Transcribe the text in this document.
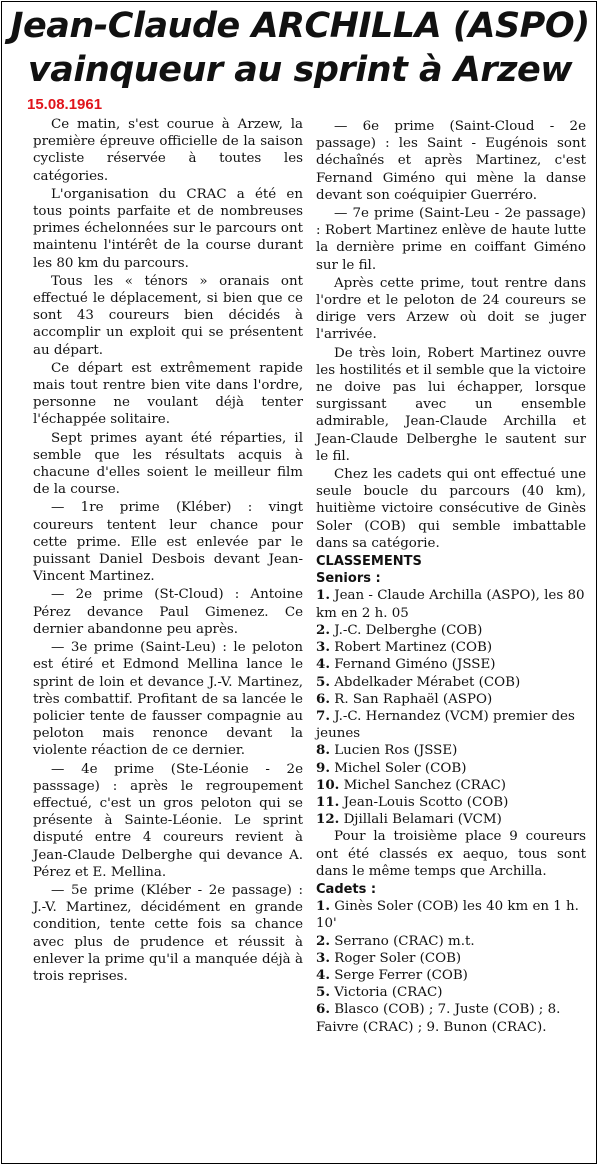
Jean-Claude ARCHILLA (ASPO)
vainqueur au sprint à Arzew
15.08.1961

Ce matin, s'est courue à Arzew, la première épreuve officielle de la saison cycliste réservée à toutes les catégories.

L'organisation du CRAC a été en tous points parfaite et de nombreuses primes échelonnées sur le parcours ont maintenu l'intérêt de la course durant les 80 km du parcours.

Tous les « ténors » oranais ont effectué le déplacement, si bien que ce sont 43 coureurs bien décidés à accomplir un exploit qui se présentent au départ.

Ce départ est extrêmement rapide mais tout rentre bien vite dans l'ordre, personne ne voulant déjà tenter l'échappée solitaire.

Sept primes ayant été réparties, il semble que les résultats acquis à chacune d'elles soient le meilleur film de la course.

— 1re prime (Kléber) : vingt coureurs tentent leur chance pour cette prime. Elle est enlevée par le puissant Daniel Desbois devant Jean-Vincent Martinez.

— 2e prime (St-Cloud) : Antoine Pérez devance Paul Gimenez. Ce dernier abandonne peu après.

— 3e prime (Saint-Leu) : le peloton est étiré et Edmond Mellina lance le sprint de loin et devance J.-V. Martinez, très combattif. Profitant de sa lancée le policier tente de fausser compagnie au peloton mais renonce devant la violente réaction de ce dernier.

— 4e prime (Ste-Léonie - 2e passsage) : après le regroupement effectué, c'est un gros peloton qui se présente à Sainte-Léonie. Le sprint disputé entre 4 coureurs revient à Jean-Claude Delberghe qui devance A. Pérez et E. Mellina.

— 5e prime (Kléber - 2e passage) : J.-V. Martinez, décidément en grande condition, tente cette fois sa chance avec plus de prudence et réussit à enlever la prime qu'il a manquée déjà à trois reprises.

— 6e prime (Saint-Cloud - 2e passage) : les Saint - Eugénois sont déchaînés et après Martinez, c'est Fernand Giméno qui mène la danse devant son coéquipier Guerréro.

— 7e prime (Saint-Leu - 2e passage) : Robert Martinez enlève de haute lutte la dernière prime en coiffant Giméno sur le fil.

Après cette prime, tout rentre dans l'ordre et le peloton de 24 coureurs se dirige vers Arzew où doit se juger l'arrivée.

De très loin, Robert Martinez ouvre les hostilités et il semble que la victoire ne doive pas lui échapper, lorsque surgissant avec un ensemble admirable, Jean-Claude Archilla et Jean-Claude Delberghe le sautent sur le fil.

Chez les cadets qui ont effectué une seule boucle du parcours (40 km), huitième victoire consécutive de Ginès Soler (COB) qui semble imbattable dans sa catégorie.

CLASSEMENTS
Seniors :
1. Jean - Claude Archilla (ASPO), les 80 km en 2 h. 05
2. J.-C. Delberghe (COB)
3. Robert Martinez (COB)
4. Fernand Giméno (JSSE)
5. Abdelkader Mérabet (COB)
6. R. San Raphaël (ASPO)
7. J.-C. Hernandez (VCM) premier des jeunes
8. Lucien Ros (JSSE)
9. Michel Soler (COB)
10. Michel Sanchez (CRAC)
11. Jean-Louis Scotto (COB)
12. Djillali Belamari (VCM)

Pour la troisième place 9 coureurs ont été classés ex aequo, tous sont dans le même temps que Archilla.

Cadets :
1. Ginès Soler (COB) les 40 km en 1 h. 10'
2. Serrano (CRAC) m.t.
3. Roger Soler (COB)
4. Serge Ferrer (COB)
5. Victoria (CRAC)
6. Blasco (COB) ; 7. Juste (COB) ; 8. Faivre (CRAC) ; 9. Bunon (CRAC).
